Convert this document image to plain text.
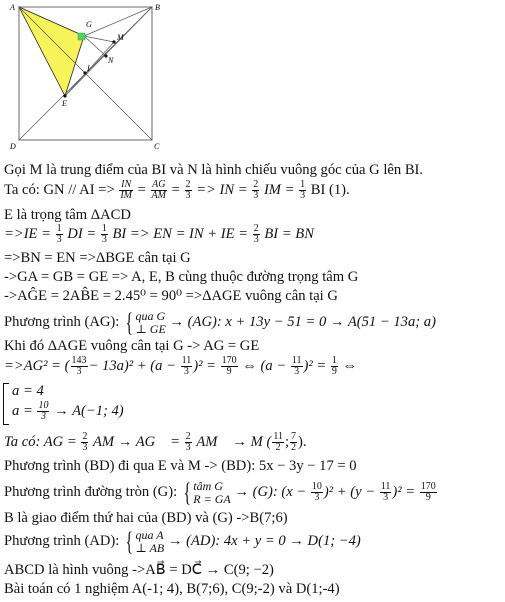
A	B
C
D
G
M
N
I
E
Gọi M là trung điểm của BI và N là hình chiếu vuông góc của G lên BI.
Ta có: GN // AI => $\frac{IN}{IM} = \frac{AG}{AM} = \frac{2}{3}$ => IN = $\frac{2}{3}$ IM = $\frac{1}{3}$ BI (1).
E là trọng tâm ΔACD
$=>IE = \frac{1}{3}$ DI = $\frac{1}{3}$ BI => EN = IN + IE = $\frac{2}{3}$ BI = BN
=>BN = EN =>ΔBGE cân tại G
->GA = GB = GE => A, E, B cùng thuộc đường trọng tâm G
->AĜE = 2AB̂E = 2.45⁰ = 90⁰ =>ΔAGE vuông cân tại G
Phương trình (AG): { qua G
⊥ GE → (AG): x + 13y − 51 = 0 → A(51 − 13a; a)
Khi đó ΔAGE vuông cân tại G -> AG = GE
=>AG² = ( $\frac{143}{3} - 13a)^2 + (a - \frac{11}{3} )^2 = \frac{170}{9}$ ⇔ $(a - \frac{11}{3} )^2 = \frac{1}{9}$ ⇔
a = 4
$a = \frac{10}{3} \to A(-1$; 4)
Ta có: AG = $\frac{2}{3}$ AM → AG⃗ = $\frac{2}{3}$ AM⃗ → M ( $\frac{11}{2}$ ; $\frac{7}{2}$ ).
Phương trình (BD) đi qua E và M -> (BD): 5x − 3y − 17 = 0
Phương trình đường tròn (G): { tâm G
R = GA → (G): $(x - \frac{10}{3} )^2 + (y - \frac{11}{3} )^2 = \frac{170}{9}$
B là giao điểm thứ hai của (BD) và (G) ->B(7;6)
Phương trình (AD): { qua A
⊥ AB → (AD): 4x + y = 0 → D(1; −4)
ABCD là hình vuông ->AB⃗ = DC⃗ → C(9; −2)
Bài toán có 1 nghiệm A(-1; 4), B(7;6), C(9;-2) và D(1;-4)
